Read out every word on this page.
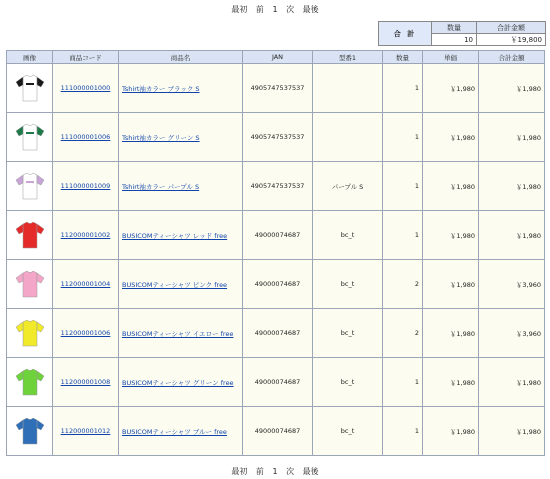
最初 前 1 次 最後
合 計	数量	合計金額
	10	￥19,800
画像	商品コード	商品名	JAN	型番1	数量	単価	合計金額
	111000001000	Tshirt袖カラー ブラック S	4905747537537		1	￥1,980	￥1,980
	111000001006	Tshirt袖カラー グリーン S	4905747537537		1	￥1,980	￥1,980
	111000001009	Tshirt袖カラー パープル S	4905747537537	パープル S	1	￥1,980	￥1,980
	112000001002	BUSICOMティーシャツ レッド free	49000074687	bc_t	1	￥1,980	￥1,980
	112000001004	BUSICOMティーシャツ ピンク free	49000074687	bc_t	2	￥1,980	￥3,960
	112000001006	BUSICOMティーシャツ イエロー free	49000074687	bc_t	2	￥1,980	￥3,960
	112000001008	BUSICOMティーシャツ グリーン free	49000074687	bc_t	1	￥1,980	￥1,980
	112000001012	BUSICOMティーシャツ ブルー free	49000074687	bc_t	1	￥1,980	￥1,980
最初 前 1 次 最後
